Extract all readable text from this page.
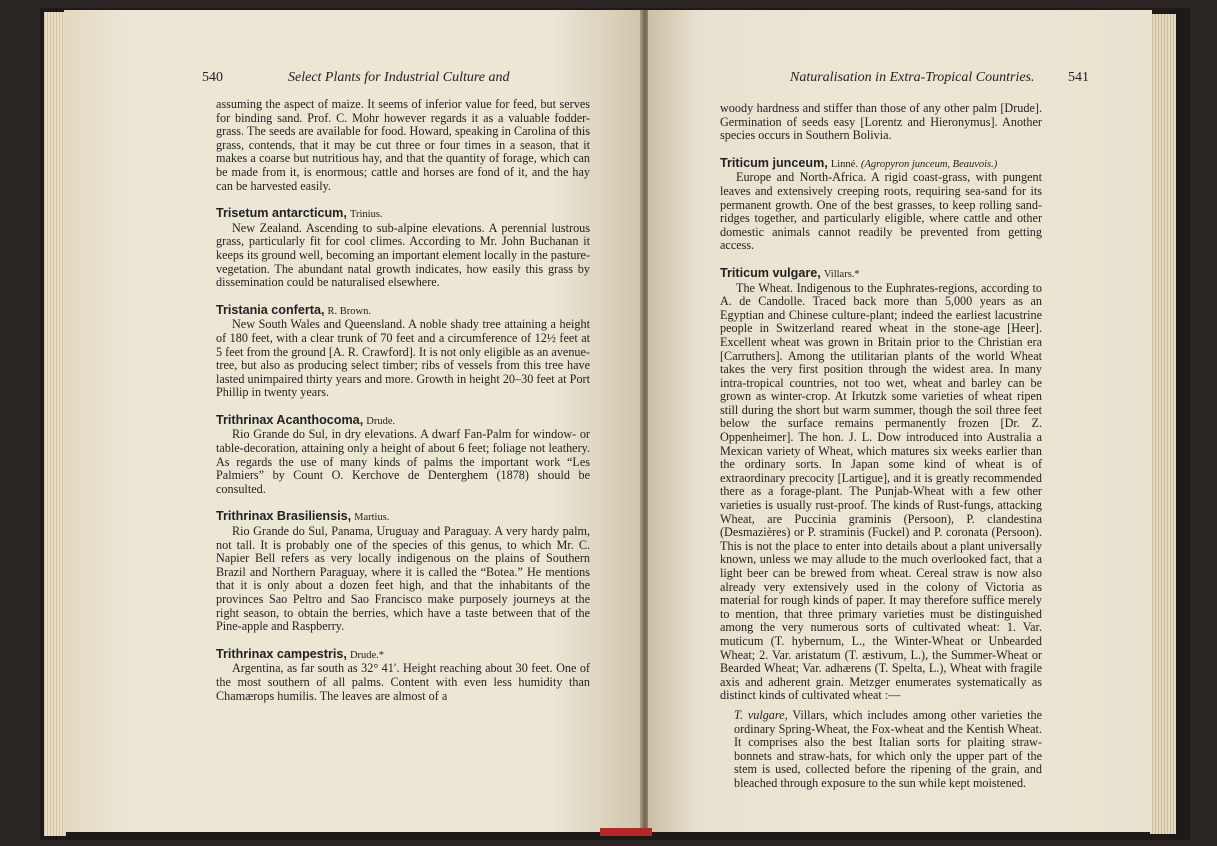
540	Select Plants for Industrial Culture and

assuming the aspect of maize. It seems of inferior value for feed, but serves for binding sand. Prof. C. Mohr however regards it as a valuable fodder-grass. The seeds are available for food. Howard, speaking in Carolina of this grass, contends, that it may be cut three or four times in a season, that it makes a coarse but nutritious hay, and that the quantity of forage, which can be made from it, is enormous; cattle and horses are fond of it, and the hay can be harvested easily.

Trisetum antarcticum, Trinius.

New Zealand. Ascending to sub-alpine elevations. A perennial lustrous grass, particularly fit for cool climes. According to Mr. John Buchanan it keeps its ground well, becoming an important element locally in the pasture-vegetation. The abundant natal growth indicates, how easily this grass by dissemination could be naturalised elsewhere.

Tristania conferta, R. Brown.

New South Wales and Queensland. A noble shady tree attaining a height of 180 feet, with a clear trunk of 70 feet and a circumference of 12½ feet at 5 feet from the ground [A. R. Crawford]. It is not only eligible as an avenue-tree, but also as producing select timber; ribs of vessels from this tree have lasted unimpaired thirty years and more. Growth in height 20–30 feet at Port Phillip in twenty years.

Trithrinax Acanthocoma, Drude.

Rio Grande do Sul, in dry elevations. A dwarf Fan-Palm for window- or table-decoration, attaining only a height of about 6 feet; foliage not leathery. As regards the use of many kinds of palms the important work “Les Palmiers” by Count O. Kerchove de Denterghem (1878) should be consulted.

Trithrinax Brasiliensis, Martius.

Rio Grande do Sul, Panama, Uruguay and Paraguay. A very hardy palm, not tall. It is probably one of the species of this genus, to which Mr. C. Napier Bell refers as very locally indigenous on the plains of Southern Brazil and Northern Paraguay, where it is called the “Botea.” He mentions that it is only about a dozen feet high, and that the inhabitants of the provinces Sao Peltro and Sao Francisco make purposely journeys at the right season, to obtain the berries, which have a taste between that of the Pine-apple and Raspberry.

Trithrinax campestris, Drude.*

Argentina, as far south as 32° 41′. Height reaching about 30 feet. One of the most southern of all palms. Content with even less humidity than Chamærops humilis. The leaves are almost of a

Naturalisation in Extra-Tropical Countries. 541

woody hardness and stiffer than those of any other palm [Drude]. Germination of seeds easy [Lorentz and Hieronymus]. Another species occurs in Southern Bolivia.

Triticum junceum, Linné. (Agropyron junceum, Beauvois.)

Europe and North-Africa. A rigid coast-grass, with pungent leaves and extensively creeping roots, requiring sea-sand for its permanent growth. One of the best grasses, to keep rolling sand-ridges together, and particularly eligible, where cattle and other domestic animals cannot readily be prevented from getting access.

Triticum vulgare, Villars.*

The Wheat. Indigenous to the Euphrates-regions, according to A. de Candolle. Traced back more than 5,000 years as an Egyptian and Chinese culture-plant; indeed the earliest lacustrine people in Switzerland reared wheat in the stone-age [Heer]. Excellent wheat was grown in Britain prior to the Christian era [Carruthers]. Among the utilitarian plants of the world Wheat takes the very first position through the widest area. In many intra-tropical countries, not too wet, wheat and barley can be grown as winter-crop. At Irkutzk some varieties of wheat ripen still during the short but warm summer, though the soil three feet below the surface remains permanently frozen [Dr. Z. Oppenheimer]. The hon. J. L. Dow introduced into Australia a Mexican variety of Wheat, which matures six weeks earlier than the ordinary sorts. In Japan some kind of wheat is of extraordinary precocity [Lartigue], and it is greatly recommended there as a forage-plant. The Punjab-Wheat with a few other varieties is usually rust-proof. The kinds of Rust-fungs, attacking Wheat, are Puccinia graminis (Persoon), P. clandestina (Desmazières) or P. straminis (Fuckel) and P. coronata (Persoon). This is not the place to enter into details about a plant universally known, unless we may allude to the much overlooked fact, that a light beer can be brewed from wheat. Cereal straw is now also already very extensively used in the colony of Victoria as material for rough kinds of paper. It may therefore suffice merely to mention, that three primary varieties must be distinguished among the very numerous sorts of cultivated wheat: 1. Var. muticum (T. hybernum, L., the Winter-Wheat or Unbearded Wheat; 2. Var. aristatum (T. æstivum, L.), the Summer-Wheat or Bearded Wheat; Var. adhærens (T. Spelta, L.), Wheat with fragile axis and adherent grain. Metzger enumerates systematically as distinct kinds of cultivated wheat :—

T. vulgare, Villars, which includes among other varieties the ordinary Spring-Wheat, the Fox-wheat and the Kentish Wheat. It comprises also the best Italian sorts for plaiting straw-bonnets and straw-hats, for which only the upper part of the stem is used, collected before the ripening of the grain, and bleached through exposure to the sun while kept moistened.
